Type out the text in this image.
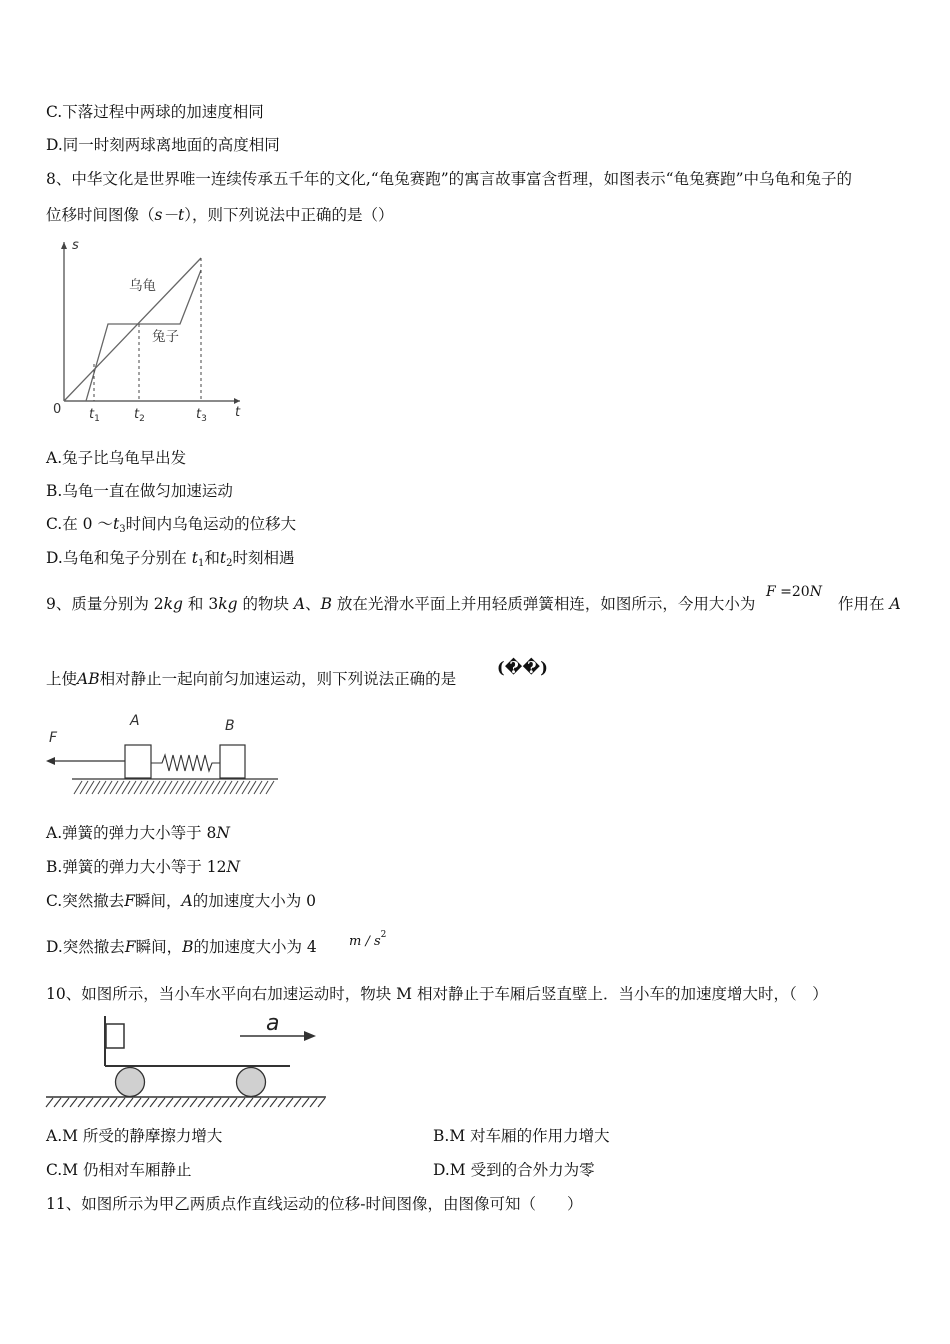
C.下落过程中两球的加速度相同
D.同一时刻两球离地面的高度相同
8、中华文化是世界唯一连续传承五千年的文化,“龟兔赛跑”的寓言故事富含哲理，如图表示“龟兔赛跑”中乌龟和兔子的
位移时间图像（s－t），则下列说法中正确的是（）
s
t
0 $t_1$	$t_2$	$t_3$
乌龟
兔子
A.兔子比乌龟早出发
B.乌龟一直在做匀加速运动
C.在 0 $\sim t_3$时间内乌龟运动的位移大
D.乌龟和兔子分别在 $t_1$和$t_2$时刻相遇
9、质量分别为 2kg 和 3kg 的物块 A、B 放在光滑水平面上并用轻质弹簧相连，如图所示，今用大小为
F =20N
作用在 A
上使AB相对静止一起向前匀加速运动，则下列说法正确的是
(��)
F
A	B
A.弹簧的弹力大小等于 8N
B.弹簧的弹力大小等于 12N
C.突然撤去F瞬间，A的加速度大小为 0
D.突然撤去F瞬间，B的加速度大小为 4 m / $s^2$
10、如图所示，当小车水平向右加速运动时，物块 M 相对静止于车厢后竖直壁上．当小车的加速度增大时，（　）
a
A.M 所受的静摩擦力增大	B.M 对车厢的作用力增大
C.M 仍相对车厢静止	D.M 受到的合外力为零
11、如图所示为甲乙两质点作直线运动的位移-时间图像，由图像可知（　　）
